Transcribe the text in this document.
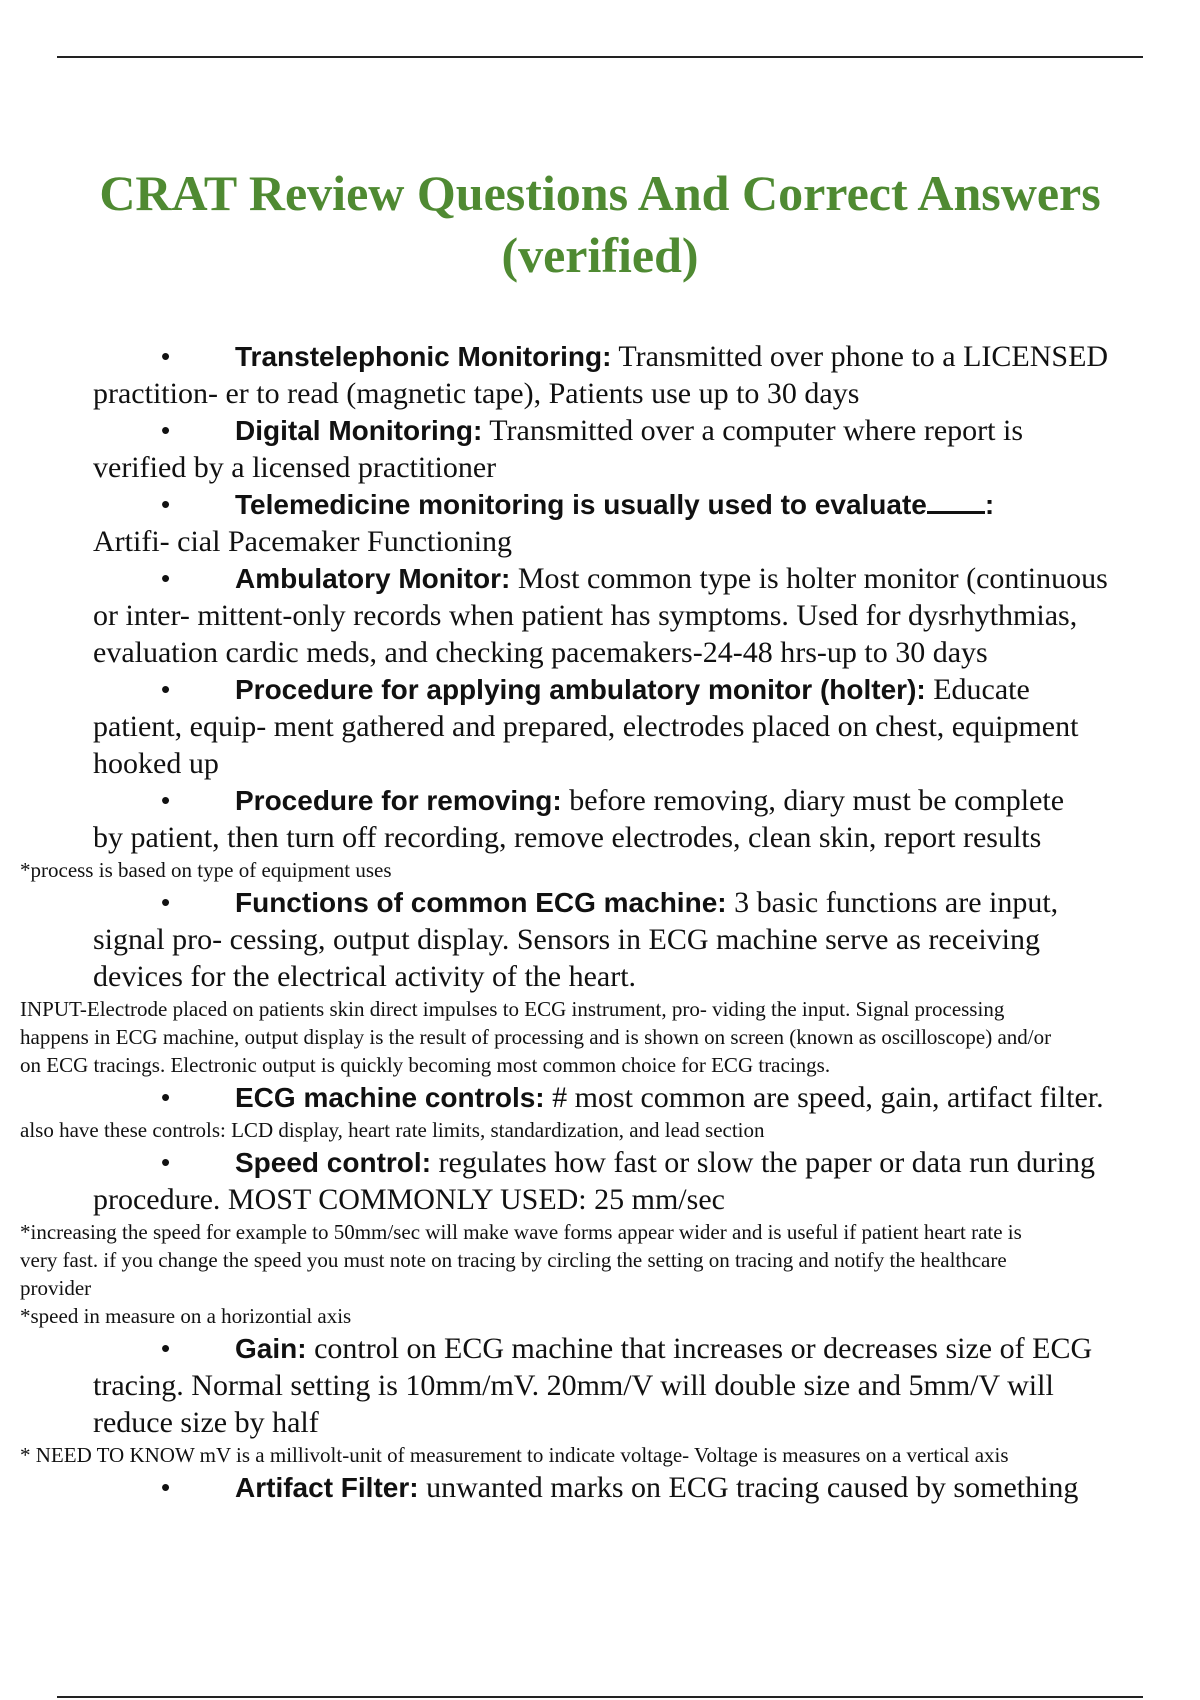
CRAT Review Questions And Correct Answers
(verified)
• Transtelephonic Monitoring: Transmitted over phone to a LICENSED
practition- er to read (magnetic tape), Patients use up to 30 days
• Digital Monitoring: Transmitted over a computer where report is
verified by a licensed practitioner
• Telemedicine monitoring is usually used to evaluate :
Artifi- cial Pacemaker Functioning
• Ambulatory Monitor: Most common type is holter monitor (continuous
or inter- mittent-only records when patient has symptoms. Used for dysrhythmias,
evaluation cardic meds, and checking pacemakers-24-48 hrs-up to 30 days
• Procedure for applying ambulatory monitor (holter): Educate
patient, equip- ment gathered and prepared, electrodes placed on chest, equipment
hooked up
• Procedure for removing: before removing, diary must be complete
by patient, then turn off recording, remove electrodes, clean skin, report results
*process is based on type of equipment uses
• Functions of common ECG machine: 3 basic functions are input,
signal pro- cessing, output display. Sensors in ECG machine serve as receiving
devices for the electrical activity of the heart.
INPUT-Electrode placed on patients skin direct impulses to ECG instrument, pro- viding the input. Signal processing
happens in ECG machine, output display is the result of processing and is shown on screen (known as oscilloscope) and/or
on ECG tracings. Electronic output is quickly becoming most common choice for ECG tracings.
• ECG machine controls: # most common are speed, gain, artifact filter.
also have these controls: LCD display, heart rate limits, standardization, and lead section
• Speed control: regulates how fast or slow the paper or data run during
procedure. MOST COMMONLY USED: 25 mm/sec
*increasing the speed for example to 50mm/sec will make wave forms appear wider and is useful if patient heart rate is
very fast. if you change the speed you must note on tracing by circling the setting on tracing and notify the healthcare
provider
*speed in measure on a horizontial axis
• Gain: control on ECG machine that increases or decreases size of ECG
tracing. Normal setting is 10mm/mV. 20mm/V will double size and 5mm/V will
reduce size by half
* NEED TO KNOW mV is a millivolt-unit of measurement to indicate voltage- Voltage is measures on a vertical axis
• Artifact Filter: unwanted marks on ECG tracing caused by something
